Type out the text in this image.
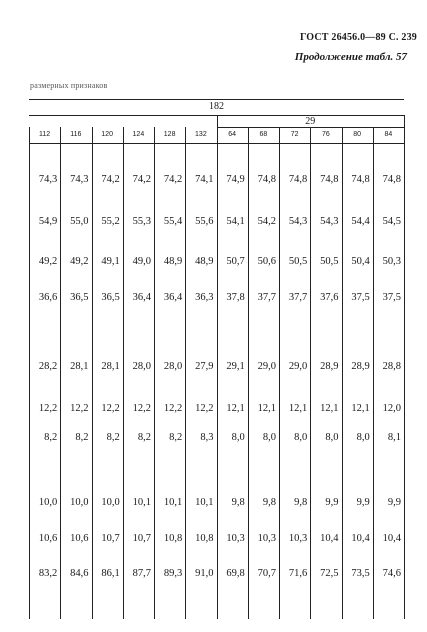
ГОСТ 26456.0—89 С. 239
Продолжение табл. 57
размерных признаков
182
29
112	116	120	124	128	132	64	68	72	76	80	84
74,3	74,3	74,2	74,2	74,2	74,1	74,9	74,8	74,8	74,8	74,8	74,8
54,9	55,0	55,2	55,3	55,4	55,6	54,1	54,2	54,3	54,3	54,4	54,5
49,2	49,2	49,1	49,0	48,9	48,9	50,7	50,6	50,5	50,5	50,4	50,3
36,6	36,5	36,5	36,4	36,4	36,3	37,8	37,7	37,7	37,6	37,5	37,5
28,2	28,1	28,1	28,0	28,0	27,9	29,1	29,0	29,0	28,9	28,9	28,8
12,2	12,2	12,2	12,2	12,2	12,2	12,1	12,1	12,1	12,1	12,1	12,0
8,2	8,2	8,2	8,2	8,2	8,3	8,0	8,0	8,0	8,0	8,0	8,1
10,0	10,0	10,0	10,1	10,1	10,1	9,8	9,8	9,8	9,9	9,9	9,9
10,6	10,6	10,7	10,7	10,8	10,8	10,3	10,3	10,3	10,4	10,4	10,4
83,2	84,6	86,1	87,7	89,3	91,0	69,8	70,7	71,6	72,5	73,5	74,6
